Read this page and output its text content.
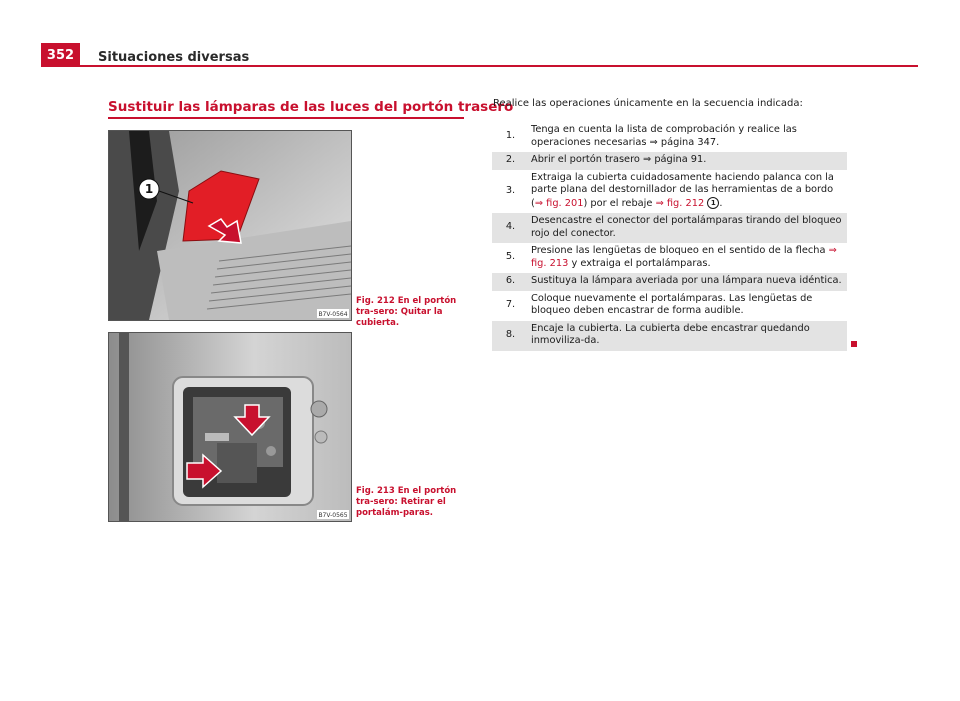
352	Situaciones diversas
Sustituir las lámparas de las luces del portón trasero
1
B7V-0564
Fig. 212 En el portón tra-sero: Quitar la cubierta.
B7V-0565
Fig. 213 En el portón tra-sero: Retirar el portalám-paras.
Realice las operaciones únicamente en la secuencia indicada:
1.	Tenga en cuenta la lista de comprobación y realice las operaciones necesarias ⇒ página 347.
2.	Abrir el portón trasero ⇒ página 91.
3.	Extraiga la cubierta cuidadosamente haciendo palanca con la parte plana del destornillador de las herramientas de a bordo (⇒ fig. 201) por el rebaje ⇒ fig. 212 1 .
4.	Desencastre el conector del portalámparas tirando del bloqueo rojo del conector.
5.	Presione las lengüetas de bloqueo en el sentido de la flecha ⇒ fig. 213 y extraiga el portalámparas.
6.	Sustituya la lámpara averiada por una lámpara nueva idéntica.
7.	Coloque nuevamente el portalámparas. Las lengüetas de bloqueo deben encastrar de forma audible.
8.	Encaje la cubierta. La cubierta debe encastrar quedando inmoviliza-da.
